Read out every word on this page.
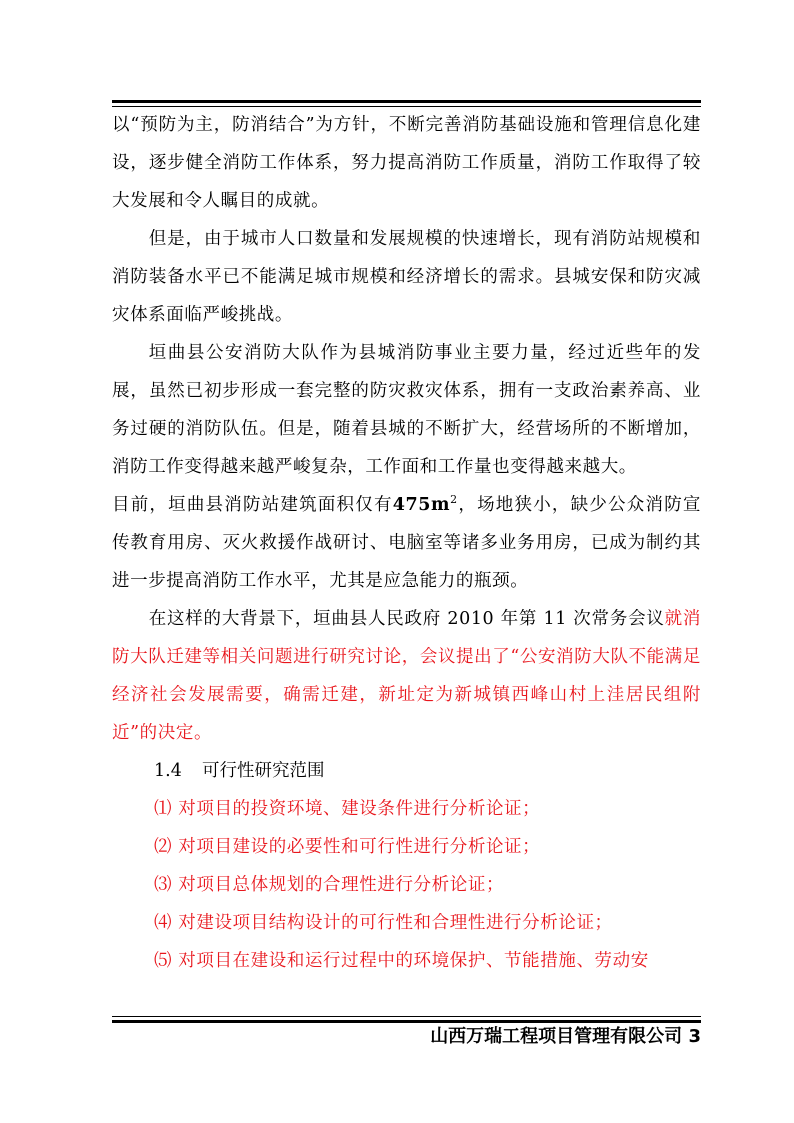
以“预防为主，防消结合”为方针，不断完善消防基础设施和管理信息化建设，逐步健全消防工作体系，努力提高消防工作质量，消防工作取得了较大发展和令人瞩目的成就。

但是，由于城市人口数量和发展规模的快速增长，现有消防站规模和消防装备水平已不能满足城市规模和经济增长的需求。县城安保和防灾减灾体系面临严峻挑战。

垣曲县公安消防大队作为县城消防事业主要力量，经过近些年的发展，虽然已初步形成一套完整的防灾救灾体系，拥有一支政治素养高、业务过硬的消防队伍。但是，随着县城的不断扩大，经营场所的不断增加，消防工作变得越来越严峻复杂，工作面和工作量也变得越来越大。

目前，垣曲县消防站建筑面积仅有$475m^2$，场地狭小，缺少公众消防宣传教育用房、灭火救援作战研讨、电脑室等诸多业务用房，已成为制约其进一步提高消防工作水平，尤其是应急能力的瓶颈。

在这样的大背景下，垣曲县人民政府 2010 年第 11 次常务会议就消防大队迁建等相关问题进行研究讨论，会议提出了“公安消防大队不能满足经济社会发展需要，确需迁建，新址定为新城镇西峰山村上洼居民组附近”的决定。

1.4 可行性研究范围

⑴ 对项目的投资环境、建设条件进行分析论证；

⑵ 对项目建设的必要性和可行性进行分析论证；

⑶ 对项目总体规划的合理性进行分析论证；

⑷ 对建设项目结构设计的可行性和合理性进行分析论证；

⑸ 对项目在建设和运行过程中的环境保护、节能措施、劳动安

山西万瑞工程项目管理有限公司 3
